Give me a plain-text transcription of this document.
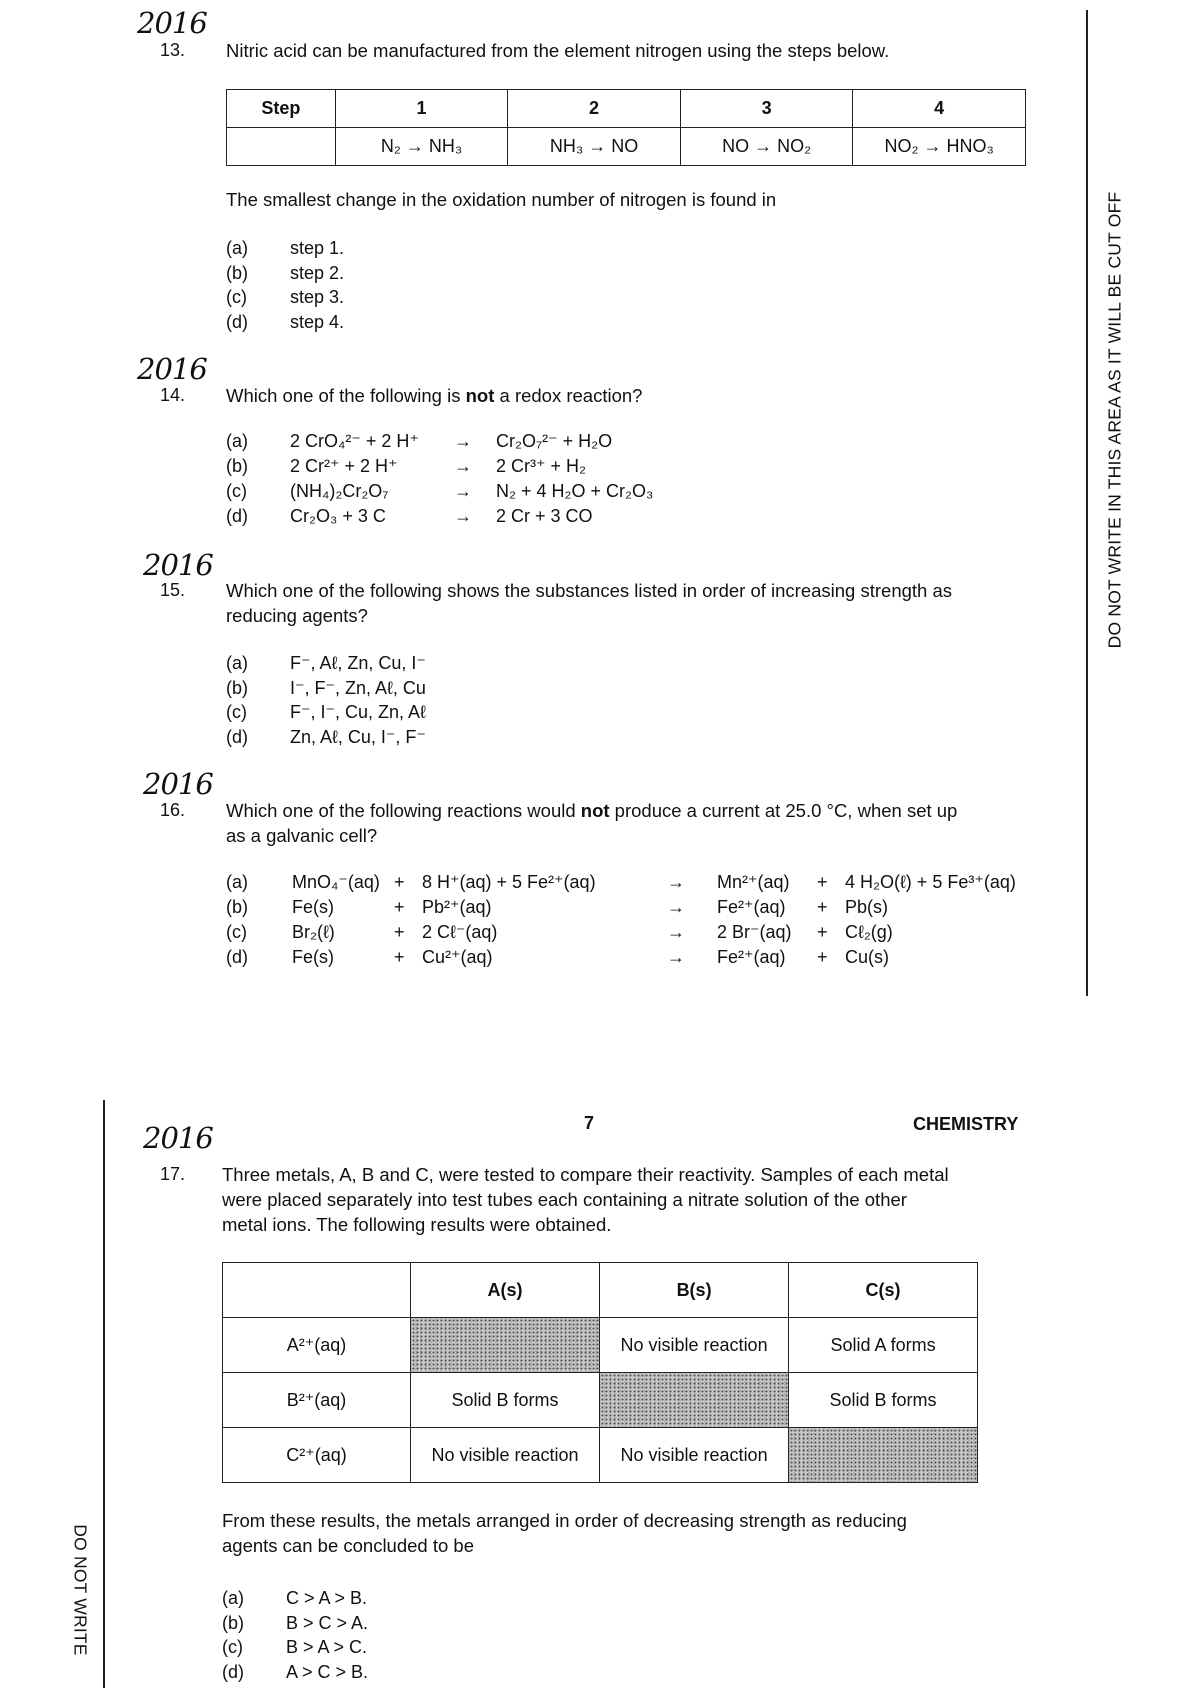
DO NOT WRITE IN THIS AREA AS IT WILL BE CUT OFF
DO NOT WRITE
2016
13. Nitric acid can be manufactured from the element nitrogen using the steps below.
Step	1	2	3	4
	N₂ → NH₃	NH₃ → NO	NO → NO₂	NO₂ → HNO₃
The smallest change in the oxidation number of nitrogen is found in
(a) step 1.
(b) step 2.
(c) step 3.
(d) step 4.
2016
14. Which one of the following is not a redox reaction?
(a)	2 CrO₄²⁻ + 2 H⁺	→	Cr₂O₇²⁻ + H₂O
(b)	2 Cr²⁺ + 2 H⁺	→	2 Cr³⁺ + H₂
(c)	(NH₄)₂Cr₂O₇	→	N₂ + 4 H₂O + Cr₂O₃
(d)	Cr₂O₃ + 3 C	→	2 Cr + 3 CO
2016
15. Which one of the following shows the substances listed in order of increasing strength as
reducing agents?
(a) F⁻, Aℓ, Zn, Cu, I⁻
(b) I⁻, F⁻, Zn, Aℓ, Cu
(c) F⁻, I⁻, Cu, Zn, Aℓ
(d) Zn, Aℓ, Cu, I⁻, F⁻
2016
16. Which one of the following reactions would not produce a current at 25.0 °C, when set up
as a galvanic cell?
(a)	MnO₄⁻(aq)	+	8 H⁺(aq) + 5 Fe²⁺(aq)	→	Mn²⁺(aq)	+	4 H₂O(ℓ) + 5 Fe³⁺(aq)
(b)	Fe(s)	+	Pb²⁺(aq)	→	Fe²⁺(aq)	+	Pb(s)
(c)	Br₂(ℓ)	+	2 Cℓ⁻(aq)	→	2 Br⁻(aq)	+	Cℓ₂(g)
(d)	Fe(s)	+	Cu²⁺(aq)	→	Fe²⁺(aq)	+	Cu(s)
7	CHEMISTRY
2016
17. Three metals, A, B and C, were tested to compare their reactivity. Samples of each metal
were placed separately into test tubes each containing a nitrate solution of the other
metal ions. The following results were obtained.
	A(s)	B(s)	C(s)
A²⁺(aq)		No visible reaction	Solid A forms
B²⁺(aq)	Solid B forms		Solid B forms
C²⁺(aq)	No visible reaction	No visible reaction	
From these results, the metals arranged in order of decreasing strength as reducing
agents can be concluded to be
(a) C > A > B.
(b) B > C > A.
(c) B > A > C.
(d) A > C > B.
